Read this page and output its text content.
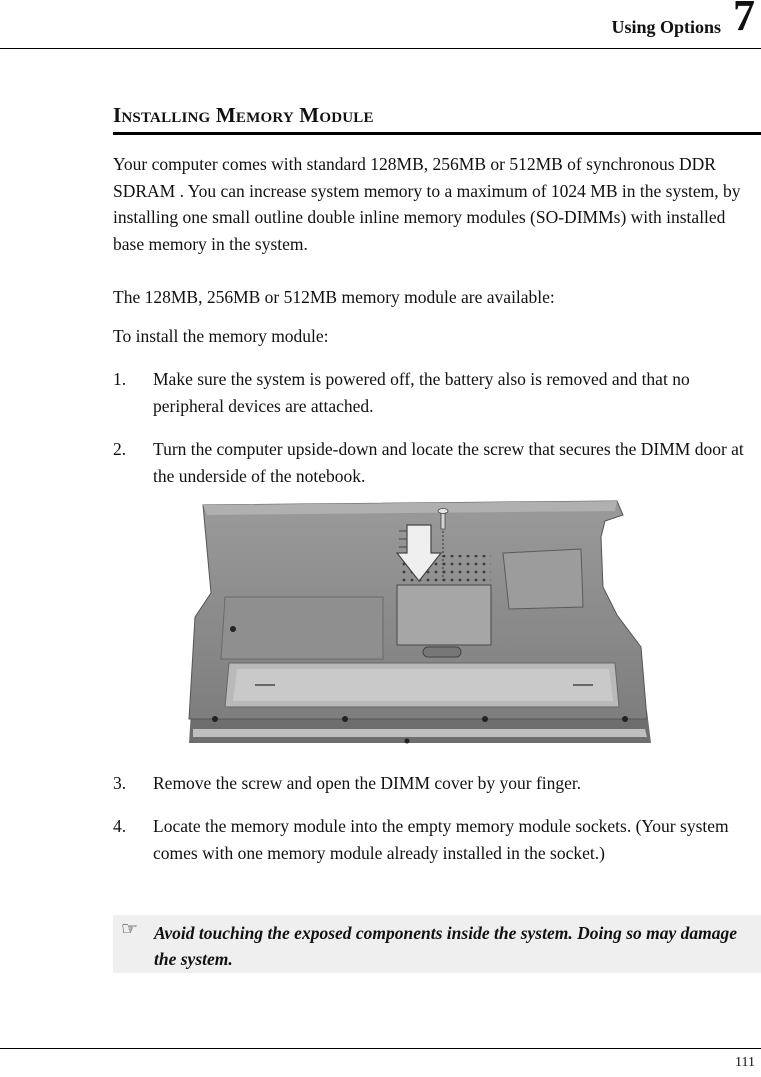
Using Options 7
Installing Memory Module
Your computer comes with standard 128MB, 256MB or 512MB of synchronous DDR SDRAM . You can increase system memory to a maximum of 1024 MB in the system, by installing one small outline double inline memory modules (SO-DIMMs) with installed base memory in the system.
The 128MB, 256MB or 512MB memory module are available:
To install the memory module:
1. Make sure the system is powered off, the battery also is removed and that no peripheral devices are attached.
2. Turn the computer upside-down and locate the screw that secures the DIMM door at the underside of the notebook.
3. Remove the screw and open the DIMM cover by your finger.
4. Locate the memory module into the empty memory module sockets. (Your system comes with one memory module already installed in the socket.)
☞ Avoid touching the exposed components inside the system. Doing so may damage the system.
111
